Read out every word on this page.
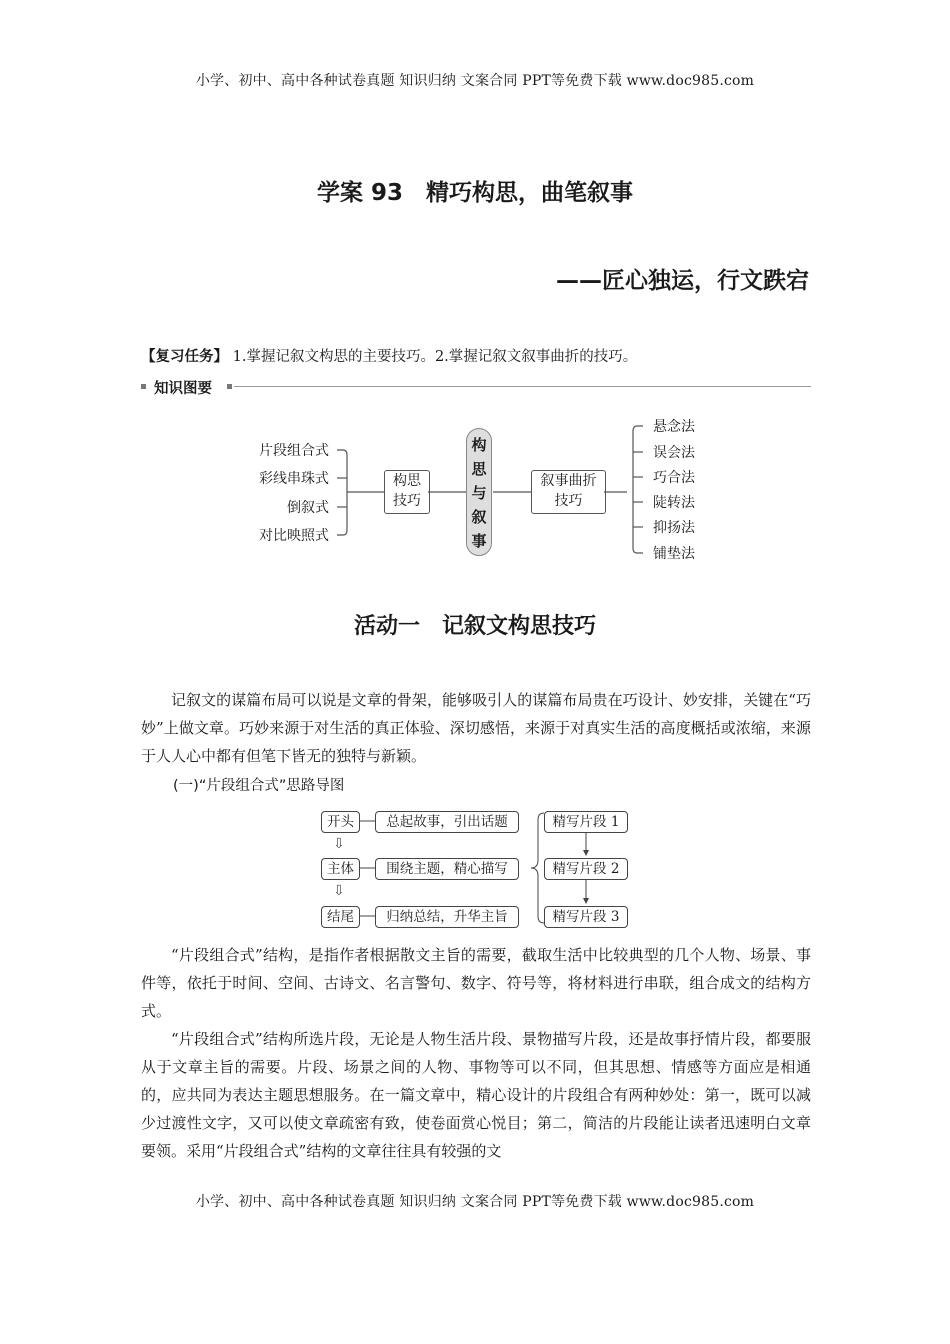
小学、初中、高中各种试卷真题 知识归纳 文案合同 PPT等免费下载 www.doc985.com
学案 93　精巧构思，曲笔叙事
——匠心独运，行文跌宕
【复习任务】 1.掌握记叙文构思的主要技巧。2.掌握记叙文叙事曲折的技巧。
知识图要
片段组合式
彩线串珠式
倒叙式
对比映照式
构思
技巧
构
思
与
叙
事
叙事曲折
技巧
悬念法
误会法
巧合法
陡转法
抑扬法
铺垫法
活动一　记叙文构思技巧
记叙文的谋篇布局可以说是文章的骨架，能够吸引人的谋篇布局贵在巧设计、妙安排，关键在“巧妙”上做文章。巧妙来源于对生活的真正体验、深切感悟，来源于对真实生活的高度概括或浓缩，来源于人人心中都有但笔下皆无的独特与新颖。
(一)“片段组合式”思路导图
开头
主体
结尾
⇩
⇩
总起故事，引出话题
围绕主题，精心描写
归纳总结，升华主旨
精写片段 1
精写片段 2
精写片段 3
“片段组合式”结构，是指作者根据散文主旨的需要，截取生活中比较典型的几个人物、场景、事件等，依托于时间、空间、古诗文、名言警句、数字、符号等，将材料进行串联，组合成文的结构方式。
“片段组合式”结构所选片段，无论是人物生活片段、景物描写片段，还是故事抒情片段，都要服从于文章主旨的需要。片段、场景之间的人物、事物等可以不同，但其思想、情感等方面应是相通的，应共同为表达主题思想服务。在一篇文章中，精心设计的片段组合有两种妙处：第一，既可以减少过渡性文字，又可以使文章疏密有致，使卷面赏心悦目；第二，简洁的片段能让读者迅速明白文章要领。采用“片段组合式”结构的文章往往具有较强的文
小学、初中、高中各种试卷真题 知识归纳 文案合同 PPT等免费下载 www.doc985.com
